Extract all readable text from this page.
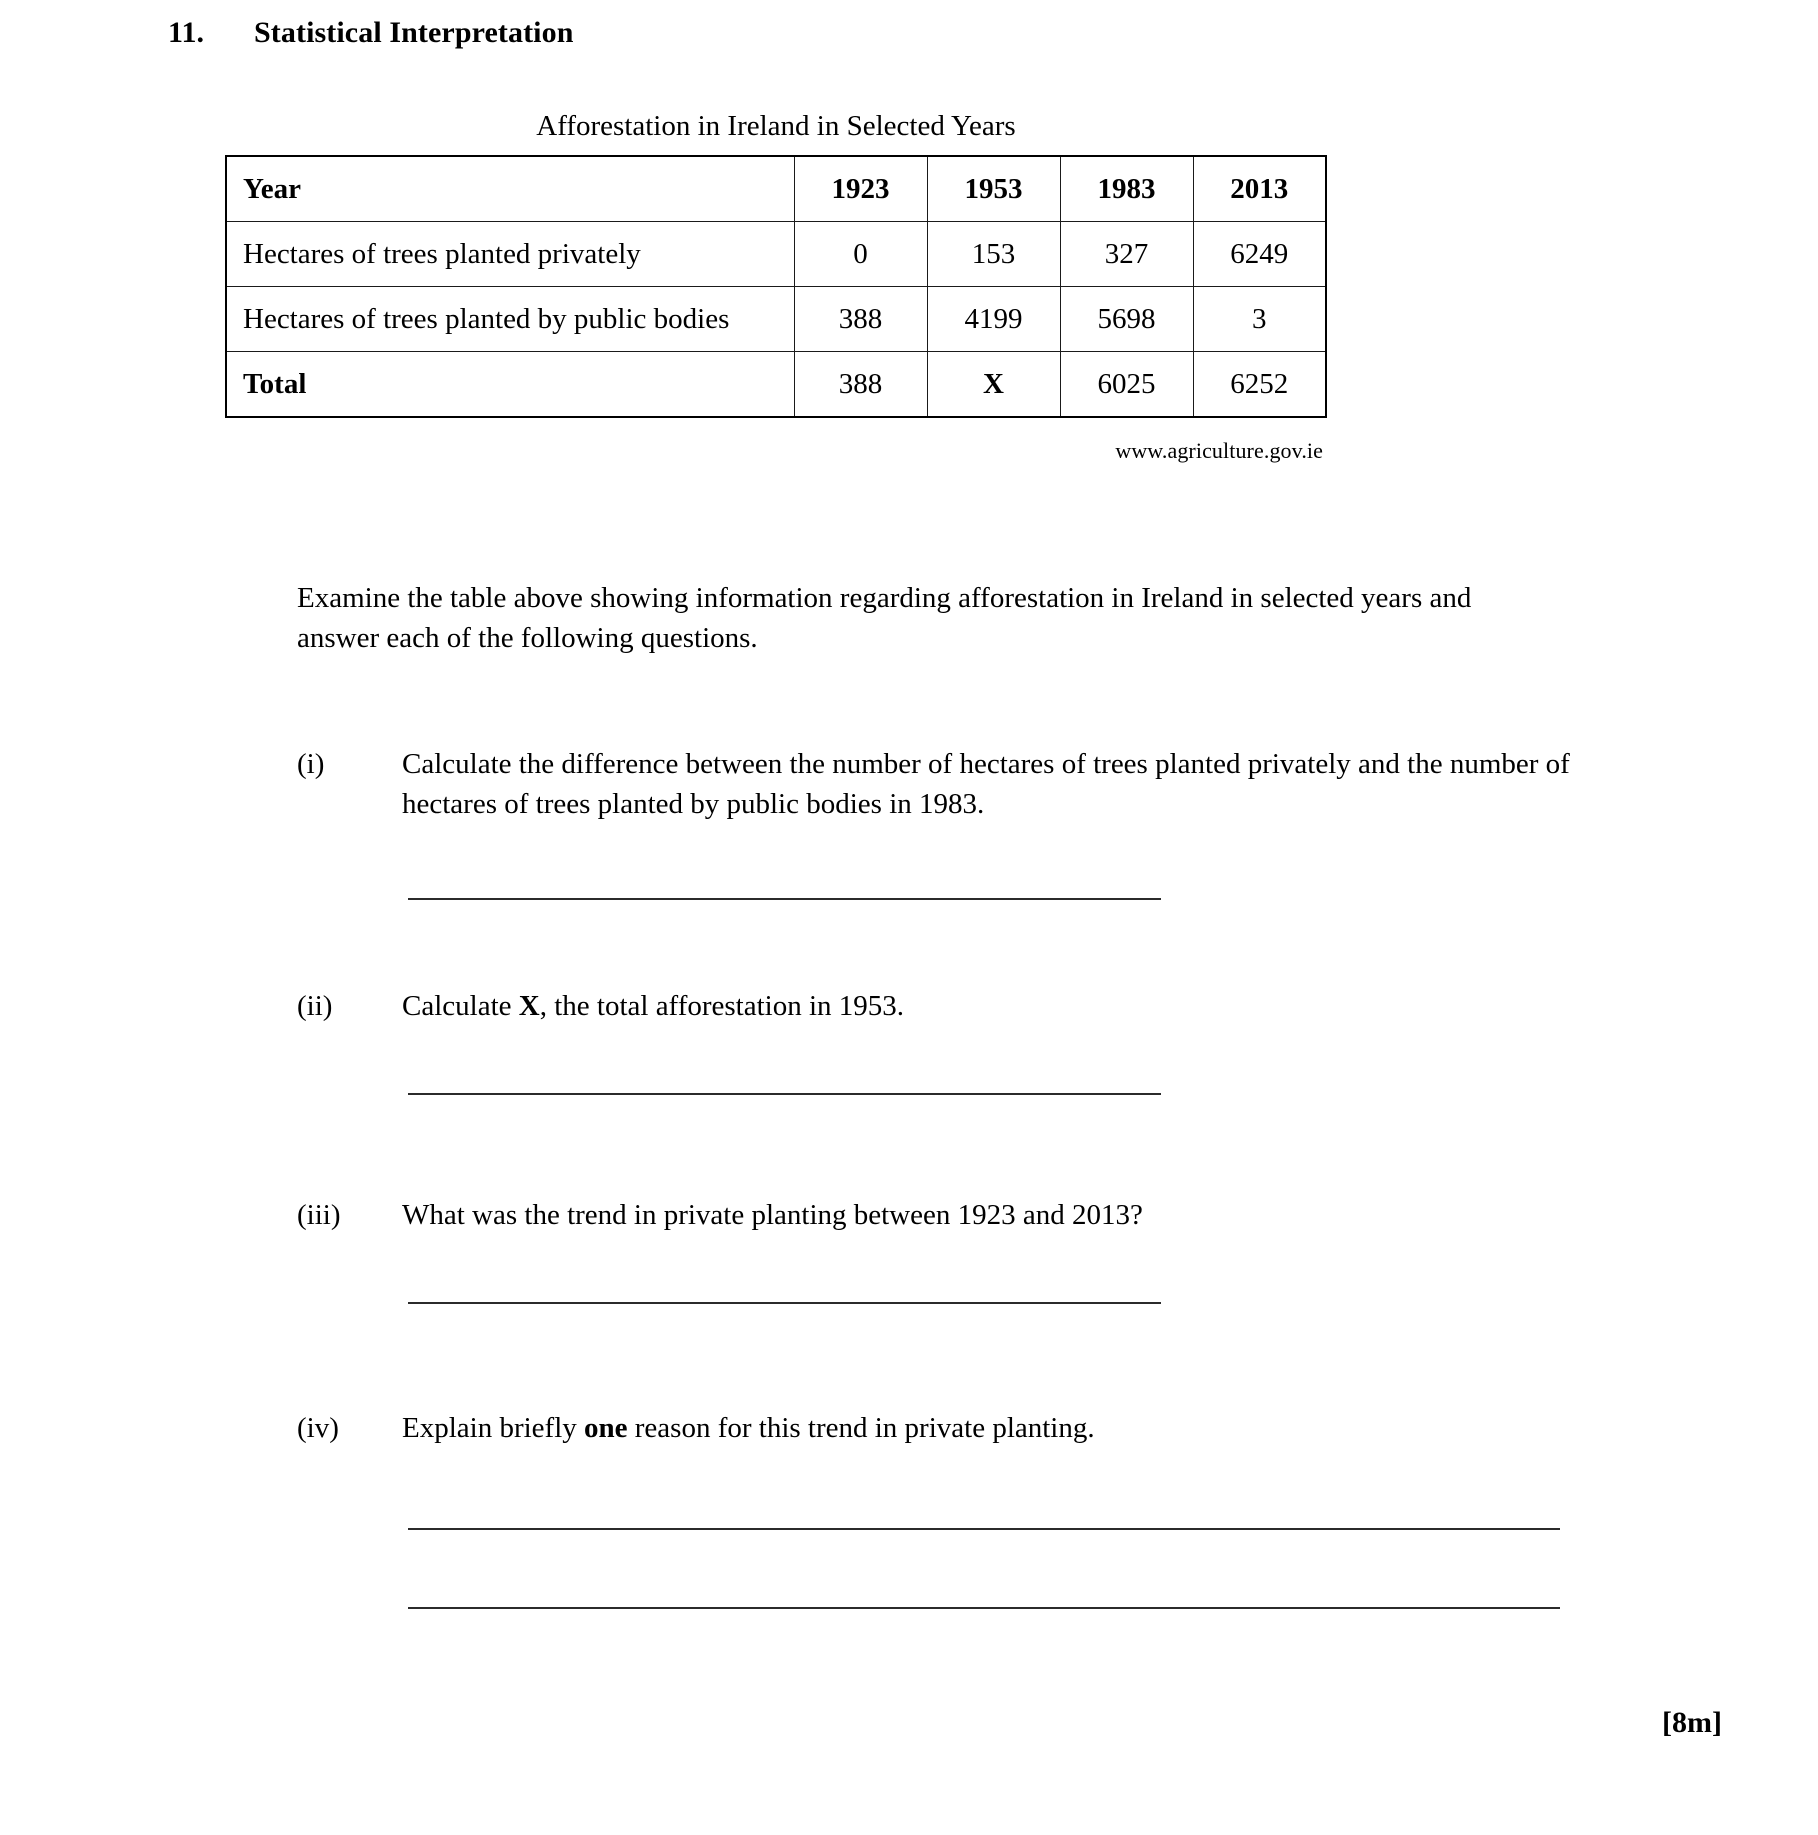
11.	Statistical Interpretation
Afforestation in Ireland in Selected Years
Year	1923	1953	1983	2013
Hectares of trees planted privately	0	153	327	6249
Hectares of trees planted by public bodies	388	4199	5698	3
Total	388	X	6025	6252
www.agriculture.gov.ie
Examine the table above showing information regarding afforestation in Ireland in selected years and answer each of the following questions.
(i)	Calculate the difference between the number of hectares of trees planted privately and the number of hectares of trees planted by public bodies in 1983.
(ii)	Calculate X, the total afforestation in 1953.
(iii)	What was the trend in private planting between 1923 and 2013?
(iv)	Explain briefly one reason for this trend in private planting.
[8m]
